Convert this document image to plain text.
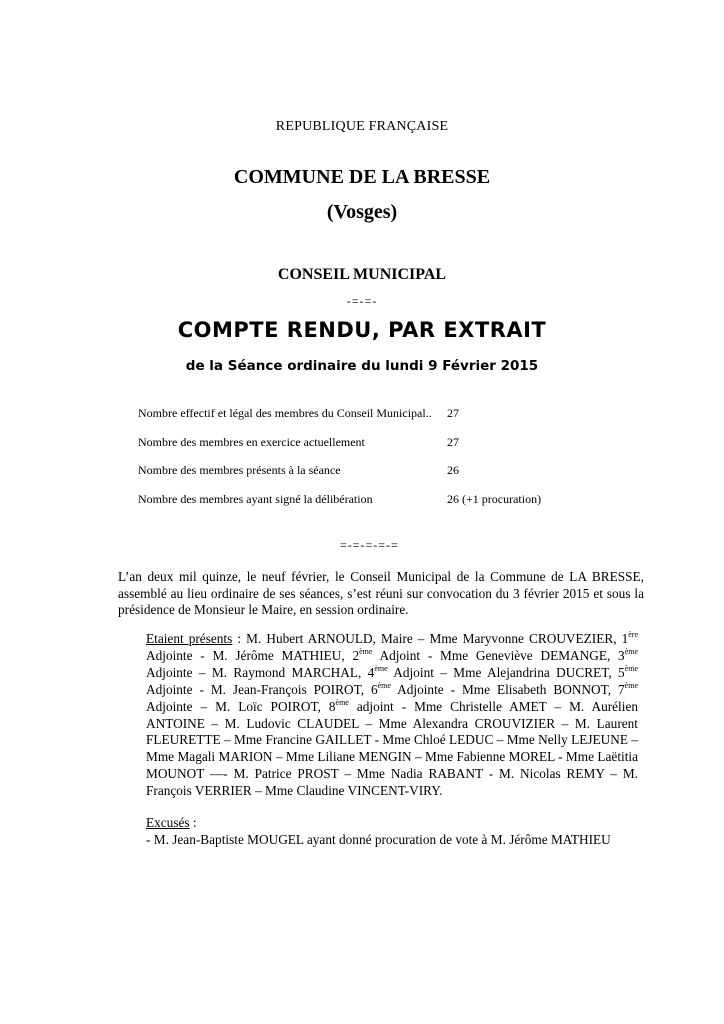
REPUBLIQUE FRANÇAISE
COMMUNE DE LA BRESSE
(Vosges)
CONSEIL MUNICIPAL
-=-=-
COMPTE RENDU, PAR EXTRAIT
de la Séance ordinaire du lundi 9 Février 2015
Nombre effectif et légal des membres du Conseil Municipal.. 27
Nombre des membres en exercice actuellement	27
Nombre des membres présents à la séance	26
Nombre des membres ayant signé la délibération	26 (+1 procuration)
=-=-=-=-=
L’an deux mil quinze, le neuf février, le Conseil Municipal de la Commune de LA BRESSE, assemblé au lieu ordinaire de ses séances, s’est réuni sur convocation du 3 février 2015 et sous la présidence de Monsieur le Maire, en session ordinaire.
Etaient présents : M. Hubert ARNOULD, Maire – Mme Maryvonne CROUVEZIER, 1ère Adjointe - M. Jérôme MATHIEU, 2ème Adjoint - Mme Geneviève DEMANGE, 3ème Adjointe – M. Raymond MARCHAL, 4ème Adjoint – Mme Alejandrina DUCRET, 5ème Adjointe - M. Jean-François POIROT, 6ème Adjointe - Mme Elisabeth BONNOT, 7ème Adjointe – M. Loïc POIROT, 8ème adjoint - Mme Christelle AMET – M. Aurélien ANTOINE – M. Ludovic CLAUDEL – Mme Alexandra CROUVIZIER – M. Laurent FLEURETTE – Mme Francine GAILLET - Mme Chloé LEDUC – Mme Nelly LEJEUNE – Mme Magali MARION – Mme Liliane MENGIN – Mme Fabienne MOREL - Mme Laëtitia MOUNOT —- M. Patrice PROST – Mme Nadia RABANT - M. Nicolas REMY – M. François VERRIER – Mme Claudine VINCENT-VIRY.
Excusés :
- M. Jean-Baptiste MOUGEL ayant donné procuration de vote à M. Jérôme MATHIEU
